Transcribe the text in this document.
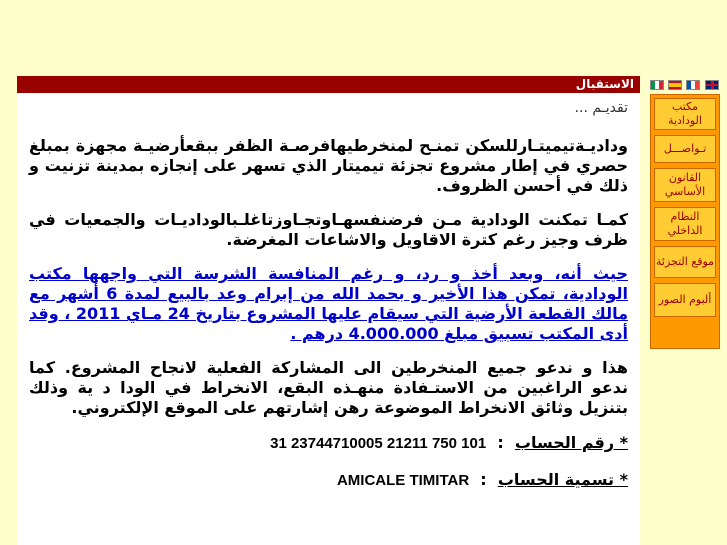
الاستقبال
تقديـم ...

وداديـةتيميتـارللسكن تمنـح لمنخرطيهافرصـة الظفر ببقعأرضيـة مجهزة بمبلغ حصري في إطار مشروع تجزئة تيميتار الذي تسهر على إنجازه بمدينة تزنيت و ذلك في أحسن الظروف.

كمـا تمكنت الودادية مـن فرضنفسهـاوتجـاوزتاغلـبالوداديـات والجمعيات في ظرف وجيز رغم كترة الاقاويل والاشاعات المغرضة.

حيث أنه، وبعد أخذ و رد، و رغم المنافسة الشرسة التي واجهها مكتب الودادية، تمكن هذا الأخير و بحمد الله من إبرام وعد بالبيع لمدة 6 أشهر مع مالك القطعة الأرضية التي سيقام عليها المشروع بتاريخ 24 مـاي 2011 ، وقد أدى المكتب تسبيق مبلغ 4.000.000 درهم .

هذا و ندعو جميع المنخرطين الى المشاركة الفعلية لانجاح المشروع. كما ندعو الراغبين من الاستـفادة منهـذه البقع، الانخراط في الودا د ية وذلك بتنزيل وثائق الانخراط الموضوعة رهن إشارتهم على الموقع الإلكتروني.

* رقم الحساب  :  31 23744710005 21211 750 101

* تسمية الحساب  :  AMICALE TIMITAR

مكتب الودادية
تـواصـــل
القانون الأساسي
النظام الداخلي
موقع التجزئة
ألبوم الصور
